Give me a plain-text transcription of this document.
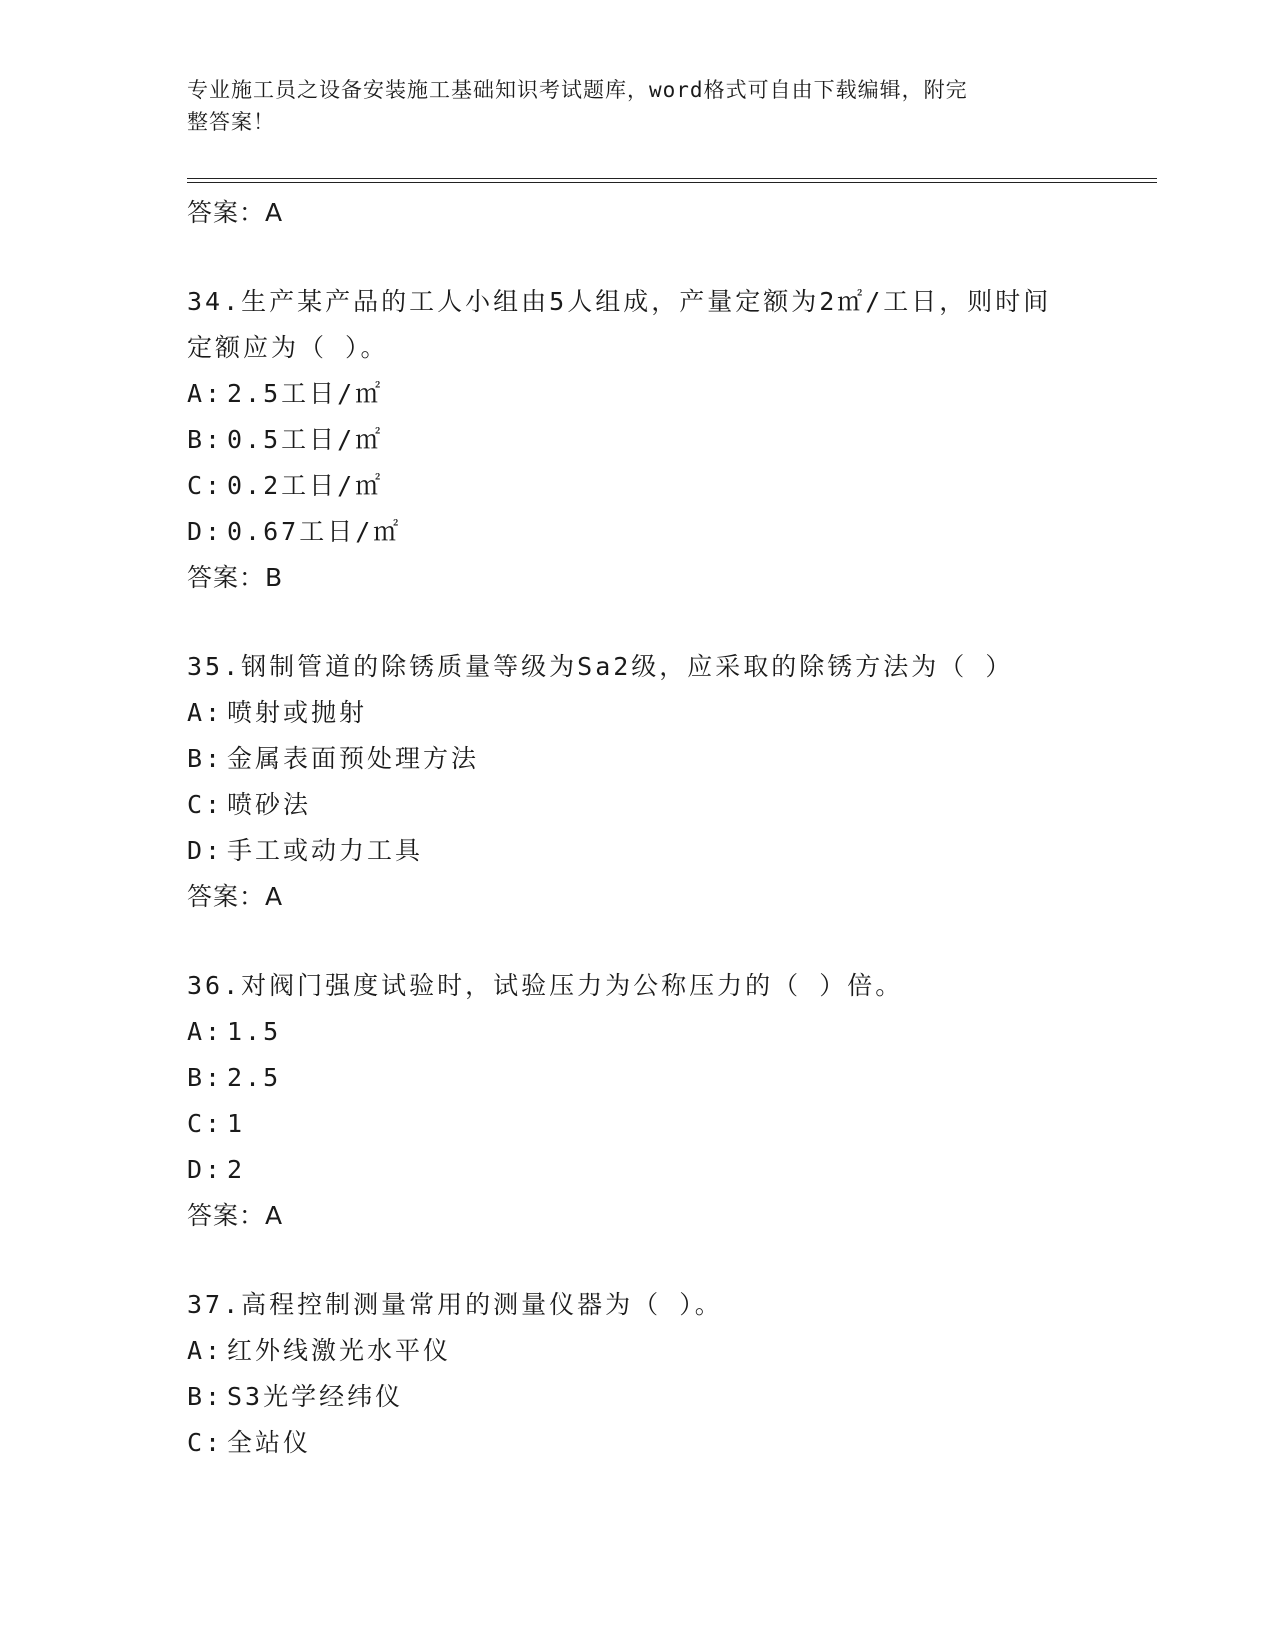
专业施工员之设备安装施工基础知识考试题库，word格式可自由下载编辑，附完
整答案！
答案：A
34.生产某产品的工人小组由5人组成，产量定额为2㎡/工日，则时间
定额应为（ ）。
A: 2.5工日/㎡
B: 0.5工日/㎡
C: 0.2工日/㎡
D: 0.67工日/㎡
答案：B
35.钢制管道的除锈质量等级为Sa2级，应采取的除锈方法为（ ）
A: 喷射或抛射
B: 金属表面预处理方法
C: 喷砂法
D: 手工或动力工具
答案：A
36.对阀门强度试验时，试验压力为公称压力的（ ）倍。
A: 1.5
B: 2.5
C: 1
D: 2
答案：A
37.高程控制测量常用的测量仪器为（ ）。
A: 红外线激光水平仪
B: S3光学经纬仪
C: 全站仪
